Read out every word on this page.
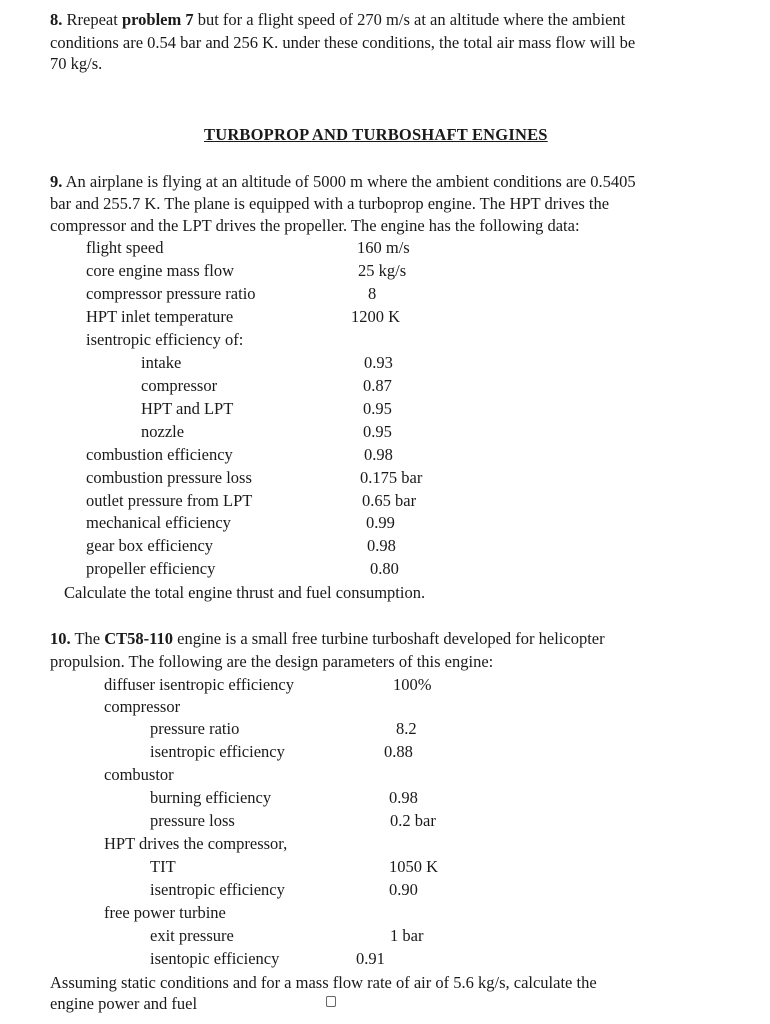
8. Rrepeat problem 7 but for a flight speed of 270 m/s at an altitude where the ambient
conditions are 0.54 bar and 256 K. under these conditions, the total air mass flow will be
70 kg/s.
TURBOPROP AND TURBOSHAFT ENGINES
9. An airplane is flying at an altitude of 5000 m where the ambient conditions are 0.5405
bar and 255.7 K. The plane is equipped with a turboprop engine. The HPT drives the
compressor and the LPT drives the propeller. The engine has the following data:
flight speed	160 m/s
core engine mass flow	25 kg/s
compressor pressure ratio	8
HPT inlet temperature	1200 K
isentropic efficiency of:
intake	0.93
compressor	0.87
HPT and LPT	0.95
nozzle	0.95
combustion efficiency	0.98
combustion pressure loss	0.175 bar
outlet pressure from LPT	0.65 bar
mechanical efficiency	0.99
gear box efficiency	0.98
propeller efficiency	0.80
Calculate the total engine thrust and fuel consumption.
10. The CT58-110 engine is a small free turbine turboshaft developed for helicopter
propulsion. The following are the design parameters of this engine:
diffuser isentropic efficiency	100%
compressor
pressure ratio	8.2
isentropic efficiency	0.88
combustor
burning efficiency	0.98
pressure loss	0.2 bar
HPT drives the compressor,
TIT	1050 K
isentropic efficiency	0.90
free power turbine
exit pressure	1 bar
isentopic efficiency	0.91
Assuming static conditions and for a mass flow rate of air of 5.6 kg/s, calculate the
engine power and fuel
